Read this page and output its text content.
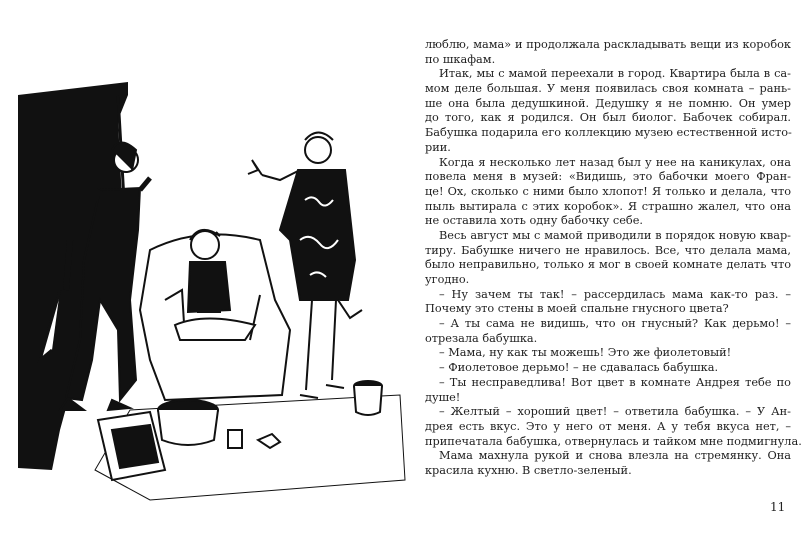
люблю, мама» и продолжала раскладывать вещи из коробок
по шкафам.
Итак, мы с мамой переехали в город. Квартира была в са-
мом деле большая. У меня появилась своя комната – рань-
ше она была дедушкиной. Дедушку я не помню. Он умер
до того, как я родился. Он был биолог. Бабочек собирал.
Бабушка подарила его коллекцию музею естественной исто-
рии.
Когда я несколько лет назад был у нее на каникулах, она
повела меня в музей: «Видишь, это бабочки моего Фран-
це! Ох, сколько с ними было хлопот! Я только и делала, что
пыль вытирала с этих коробок». Я страшно жалел, что она
не оставила хоть одну бабочку себе.
Весь август мы с мамой приводили в порядок новую квар-
тиру. Бабушке ничего не нравилось. Все, что делала мама,
было неправильно, только я мог в своей комнате делать что
угодно.
– Ну зачем ты так! – рассердилась мама как-то раз. –
Почему это стены в моей спальне гнусного цвета?
– А ты сама не видишь, что он гнусный? Как дерьмо! –
отрезала бабушка.
– Мама, ну как ты можешь! Это же фиолетовый!
– Фиолетовое дерьмо! – не сдавалась бабушка.
– Ты несправедлива! Вот цвет в комнате Андрея тебе по
душе!
– Желтый – хороший цвет! – ответила бабушка. – У Ан-
дрея есть вкус. Это у него от меня. А у тебя вкуса нет, –
припечатала бабушка, отвернулась и тайком мне подмигнула.
Мама махнула рукой и снова влезла на стремянку. Она
красила кухню. В светло-зеленый.
11
